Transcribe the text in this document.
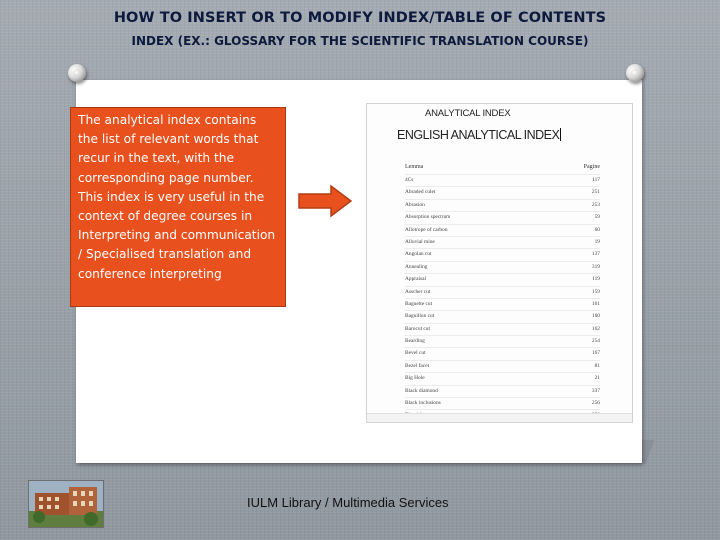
HOW TO INSERT OR TO MODIFY INDEX/TABLE OF CONTENTS
INDEX (EX.: GLOSSARY FOR THE SCIENTIFIC TRANSLATION COURSE)
The analytical index contains the list of relevant words that recur in the text, with the corresponding page number. This index is very useful in the context of degree courses in Interpreting and communication / Specialised translation and conference interpreting
ANALYTICAL INDEX
ENGLISH ANALYTICAL INDEX
Lemma	Pagine
4Cs	117
Abraded culet	251
Abrasion	253
Absorption spectrum	59
Allotrope of carbon	60
Alluvial mine	19
Angolan cut	137
Annealing	319
Appraisal	119
Asscher cut	159
Baguette cut	161
Baguillon cut	160
Barocut cut	162
Bearding	254
Bevel cut	167
Bezel facet	81
Big Hole	21
Black diamond	337
Black inclusions	256
IULM Library / Multimedia Services
